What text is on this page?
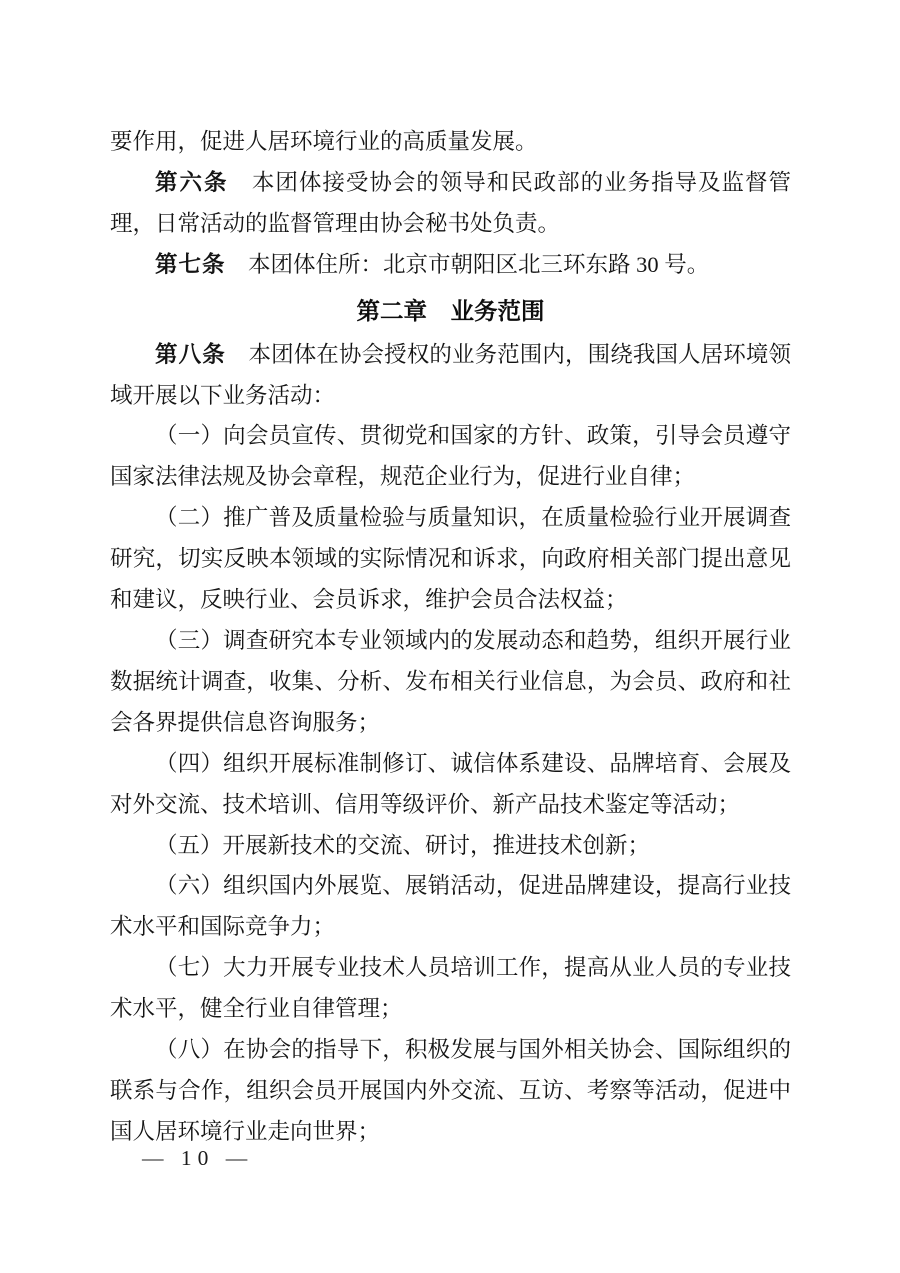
要作用，促进人居环境行业的高质量发展。

第六条　 本团体接受协会的领导和民政部的业务指导及监督管理，日常活动的监督管理由协会秘书处负责。

第七条　 本团体住所：北京市朝阳区北三环东路 30 号。

第二章　业务范围

第八条　 本团体在协会授权的业务范围内，围绕我国人居环境领域开展以下业务活动：

（一）向会员宣传、贯彻党和国家的方针、政策，引导会员遵守国家法律法规及协会章程，规范企业行为，促进行业自律；

（二）推广普及质量检验与质量知识，在质量检验行业开展调查研究，切实反映本领域的实际情况和诉求，向政府相关部门提出意见和建议，反映行业、会员诉求，维护会员合法权益；

（三）调查研究本专业领域内的发展动态和趋势，组织开展行业数据统计调查，收集、分析、发布相关行业信息，为会员、政府和社会各界提供信息咨询服务；

（四）组织开展标准制修订、诚信体系建设、品牌培育、会展及对外交流、技术培训、信用等级评价、新产品技术鉴定等活动；

（五）开展新技术的交流、研讨，推进技术创新；

（六）组织国内外展览、展销活动，促进品牌建设，提高行业技术水平和国际竞争力；

（七）大力开展专业技术人员培训工作，提高从业人员的专业技术水平，健全行业自律管理；

（八）在协会的指导下，积极发展与国外相关协会、国际组织的联系与合作，组织会员开展国内外交流、互访、考察等活动，促进中国人居环境行业走向世界；

— 10 —
